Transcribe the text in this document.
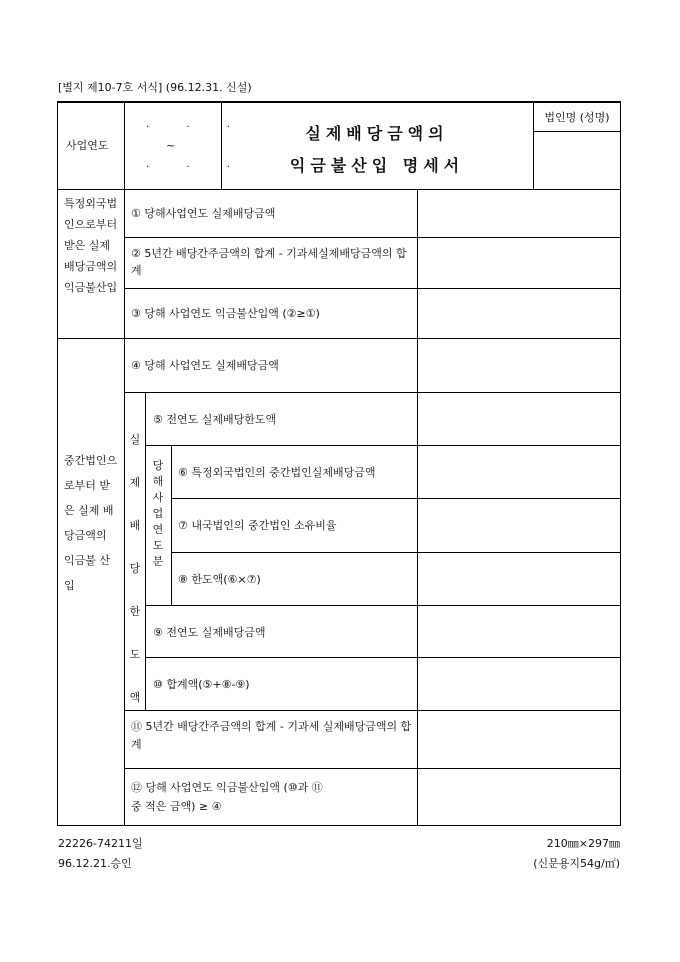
[별지 제10-7호 서식] (96.12.31. 신설)
사업연도
· · ·
~
· · ·
실제배당금액의
익금불산입 명세서
법인명 (성명)
특정외국법인으로부터 받은 실제배당금액의 익금불산입
① 당해사업연도 실제배당금액
② 5년간 배당간주금액의 합계 - 기과세실제배당금액의 합계
③ 당해 사업연도 익금불산입액 (②≥①)
중간법인으로부터 받은 실제 배당금액의 익금불 산입
④ 당해 사업연도 실제배당금액
실제배당한도액
당해사업연도분
⑤ 전연도 실제배당한도액
⑥ 특정외국법인의 중간법인실제배당금액
⑦ 내국법인의 중간법인 소유비율
⑧ 한도액(⑥×⑦)
⑨ 전연도 실제배당금액
⑩ 합계액(⑤+⑧-⑨)
⑪ 5년간 배당간주금액의 합계 - 기과세 실제배당금액의 합계
⑫ 당해 사업연도 익금불산입액 (⑩과 ⑪ 중 적은 금액) ≥ ④
22226-74211일
96.12.21.승인
210㎜×297㎜
(신문용지54g/㎡)
